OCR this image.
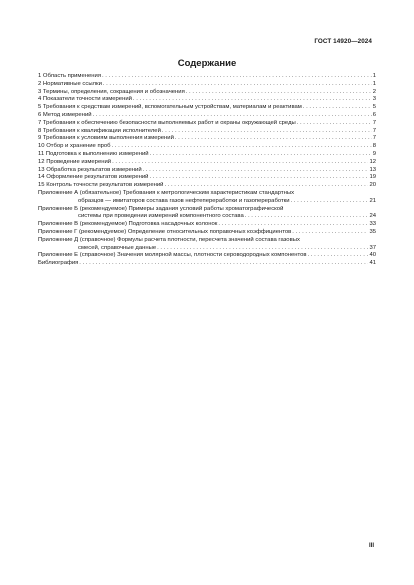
ГОСТ 14920—2024
Содержание
1 Область применения . . .	1
2 Нормативные ссылки . . .	1
3 Термины, определения, сокращения и обозначения . . .	2
4 Показатели точности измерений . . .	3
5 Требования к средствам измерений, вспомогательным устройствам, материалам и реактивам . . .	5
6 Метод измерений . . .	6
7 Требования к обеспечению безопасности выполняемых работ и охраны окружающей среды . . .	7
8 Требования к квалификации исполнителей . . .	7
9 Требования к условиям выполнения измерений . . .	7
10 Отбор и хранение проб . . .	8
11 Подготовка к выполнению измерений . . .	9
12 Проведение измерений . . .	12
13 Обработка результатов измерений . . .	13
14 Оформление результатов измерений . . .	19
15 Контроль точности результатов измерений . . .	20
Приложение А (обязательное) Требования к метрологическим характеристикам стандартных
образцов — имитаторов состава газов нефтепереработки и газопереработки . . .	21
Приложение Б (рекомендуемое) Примеры задания условий работы хроматографической
системы при проведении измерений компонентного состава . . .	24
Приложение В (рекомендуемое) Подготовка насадочных колонок . . .	33
Приложение Г (рекомендуемое) Определение относительных поправочных коэффициентов . . .	35
Приложение Д (справочное) Формулы расчета плотности, пересчета значений состава газовых
смесей, справочные данные . . .	37
Приложение Е (справочное) Значения молярной массы, плотности сероводородных компонентов . . .	40
Библиография . . .	41
III
